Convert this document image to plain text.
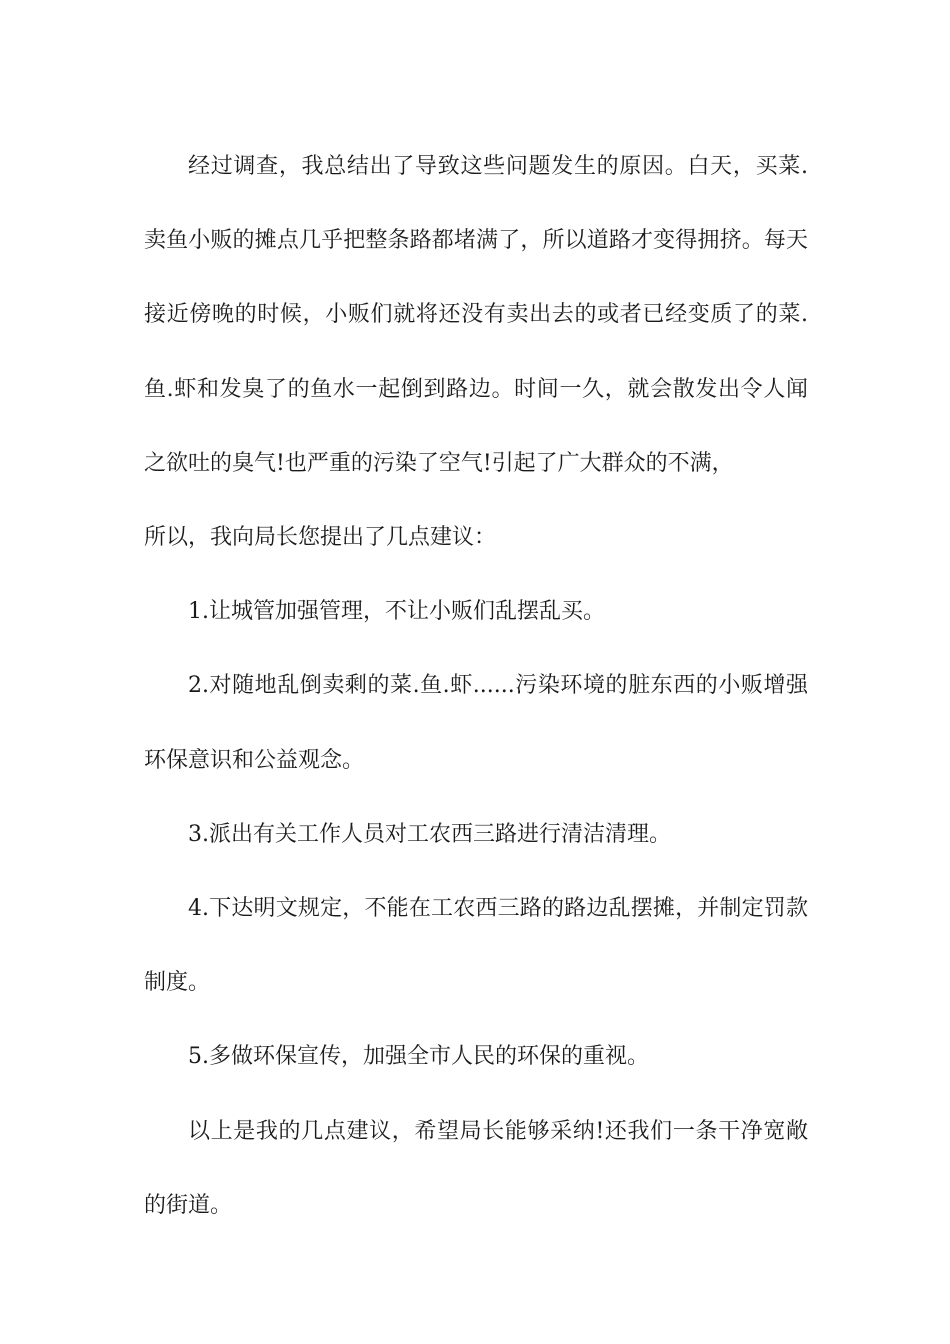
经过调查，我总结出了导致这些问题发生的原因。白天，买菜.卖鱼小贩的摊点几乎把整条路都堵满了，所以道路才变得拥挤。每天接近傍晚的时候，小贩们就将还没有卖出去的或者已经变质了的菜.鱼.虾和发臭了的鱼水一起倒到路边。时间一久，就会散发出令人闻之欲吐的臭气!也严重的污染了空气!引起了广大群众的不满，

所以，我向局长您提出了几点建议：

1.让城管加强管理，不让小贩们乱摆乱买。

2.对随地乱倒卖剩的菜.鱼.虾......污染环境的脏东西的小贩增强环保意识和公益观念。

3.派出有关工作人员对工农西三路进行清洁清理。

4.下达明文规定，不能在工农西三路的路边乱摆摊，并制定罚款制度。

5.多做环保宣传，加强全市人民的环保的重视。

以上是我的几点建议，希望局长能够采纳!还我们一条干净宽敞的街道。
